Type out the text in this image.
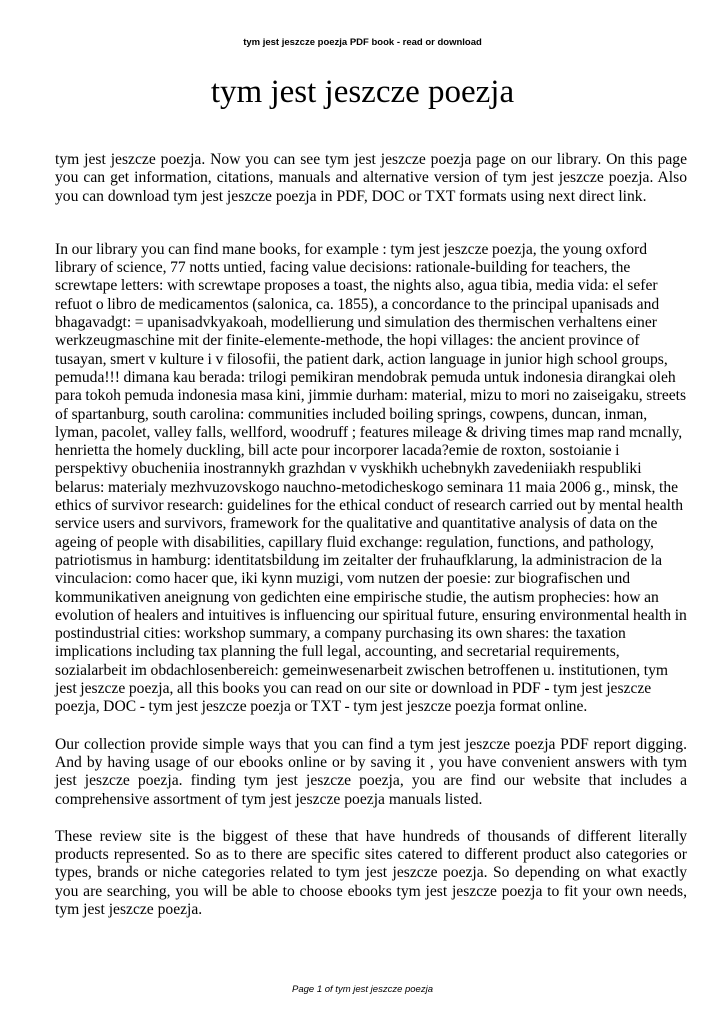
tym jest jeszcze poezja PDF book - read or download
tym jest jeszcze poezja

tym jest jeszcze poezja. Now you can see tym jest jeszcze poezja page on our library. On this page you can get information, citations, manuals and alternative version of tym jest jeszcze poezja. Also you can download tym jest jeszcze poezja in PDF, DOC or TXT formats using next direct link.

In our library you can find mane books, for example : tym jest jeszcze poezja, the young oxford library of science, 77 notts untied, facing value decisions: rationale-building for teachers, the screwtape letters: with screwtape proposes a toast, the nights also, agua tibia, media vida: el sefer refuot o libro de medicamentos (salonica, ca. 1855), a concordance to the principal upanisads and bhagavadgt: = upanisadvkyakoah, modellierung und simulation des thermischen verhaltens einer werkzeugmaschine mit der finite-elemente-methode, the hopi villages: the ancient province of tusayan, smert v kulture i v filosofii, the patient dark, action language in junior high school groups, pemuda!!! dimana kau berada: trilogi pemikiran mendobrak pemuda untuk indonesia dirangkai oleh para tokoh pemuda indonesia masa kini, jimmie durham: material, mizu to mori no zaiseigaku, streets of spartanburg, south carolina: communities included boiling springs, cowpens, duncan, inman, lyman, pacolet, valley falls, wellford, woodruff ; features mileage & driving times map rand mcnally, henrietta the homely duckling, bill acte pour incorporer lacada?emie de roxton, sostoianie i perspektivy obucheniia inostrannykh grazhdan v vyskhikh uchebnykh zavedeniiakh respubliki belarus: materialy mezhvuzovskogo nauchno-metodicheskogo seminara 11 maia 2006 g., minsk, the ethics of survivor research: guidelines for the ethical conduct of research carried out by mental health service users and survivors, framework for the qualitative and quantitative analysis of data on the ageing of people with disabilities, capillary fluid exchange: regulation, functions, and pathology, patriotismus in hamburg: identitatsbildung im zeitalter der fruhaufklarung, la administracion de la vinculacion: como hacer que, iki kynn muzigi, vom nutzen der poesie: zur biografischen und kommunikativen aneignung von gedichten eine empirische studie, the autism prophecies: how an evolution of healers and intuitives is influencing our spiritual future, ensuring environmental health in postindustrial cities: workshop summary, a company purchasing its own shares: the taxation implications including tax planning the full legal, accounting, and secretarial requirements, sozialarbeit im obdachlosenbereich: gemeinwesenarbeit zwischen betroffenen u. institutionen, tym jest jeszcze poezja, all this books you can read on our site or download in PDF - tym jest jeszcze poezja, DOC - tym jest jeszcze poezja or TXT - tym jest jeszcze poezja format online.

Our collection provide simple ways that you can find a tym jest jeszcze poezja PDF report digging. And by having usage of our ebooks online or by saving it , you have convenient answers with tym jest jeszcze poezja. finding tym jest jeszcze poezja, you are find our website that includes a comprehensive assortment of tym jest jeszcze poezja manuals listed.

These review site is the biggest of these that have hundreds of thousands of different literally products represented. So as to there are specific sites catered to different product also categories or types, brands or niche categories related to tym jest jeszcze poezja. So depending on what exactly you are searching, you will be able to choose ebooks tym jest jeszcze poezja to fit your own needs, tym jest jeszcze poezja.

Page 1 of tym jest jeszcze poezja
